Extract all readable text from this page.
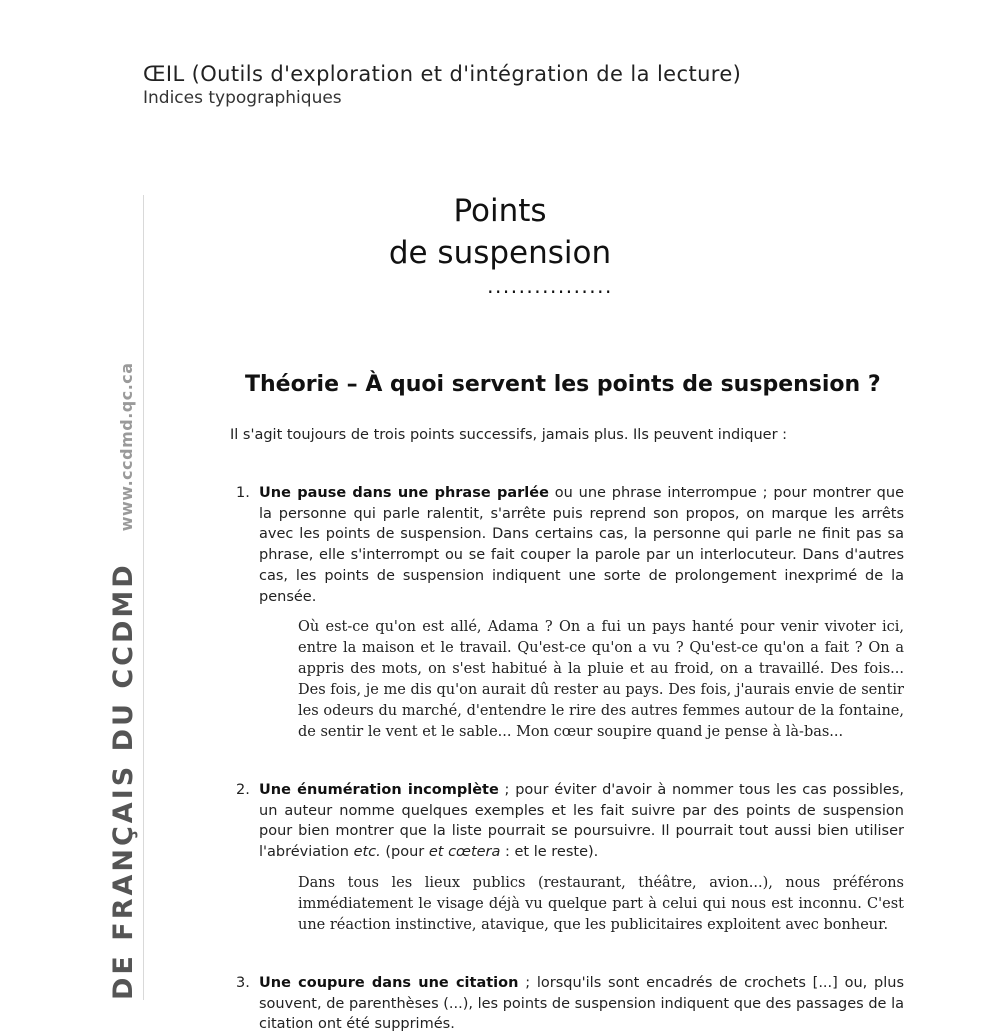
ŒIL (Outils d'exploration et d'intégration de la lecture)
Indices typographiques
DE FRANÇAIS DU CCDMD www.ccdmd.qc.ca
Points
de suspension
................
Théorie – À quoi servent les points de suspension ?
Il s'agit toujours de trois points successifs, jamais plus. Ils peuvent indiquer :
1. Une pause dans une phrase parlée ou une phrase interrompue ; pour montrer que la personne qui parle ralentit, s'arrête puis reprend son propos, on marque les arrêts avec les points de suspension. Dans certains cas, la personne qui parle ne finit pas sa phrase, elle s'interrompt ou se fait couper la parole par un interlocuteur. Dans d'autres cas, les points de suspension indiquent une sorte de prolongement inexprimé de la pensée.
Où est-ce qu'on est allé, Adama ? On a fui un pays hanté pour venir vivoter ici, entre la maison et le travail. Qu'est-ce qu'on a vu ? Qu'est-ce qu'on a fait ? On a appris des mots, on s'est habitué à la pluie et au froid, on a travaillé. Des fois... Des fois, je me dis qu'on aurait dû rester au pays. Des fois, j'aurais envie de sentir les odeurs du marché, d'entendre le rire des autres femmes autour de la fontaine, de sentir le vent et le sable... Mon cœur soupire quand je pense à là-bas...
2. Une énumération incomplète ; pour éviter d'avoir à nommer tous les cas possibles, un auteur nomme quelques exemples et les fait suivre par des points de suspension pour bien montrer que la liste pourrait se poursuivre. Il pourrait tout aussi bien utiliser l'abréviation etc. (pour et cœtera : et le reste).
Dans tous les lieux publics (restaurant, théâtre, avion...), nous préférons immédiatement le visage déjà vu quelque part à celui qui nous est inconnu. C'est une réaction instinctive, atavique, que les publicitaires exploitent avec bonheur.
3. Une coupure dans une citation ; lorsqu'ils sont encadrés de crochets [...] ou, plus souvent, de parenthèses (...), les points de suspension indiquent que des passages de la citation ont été supprimés.
